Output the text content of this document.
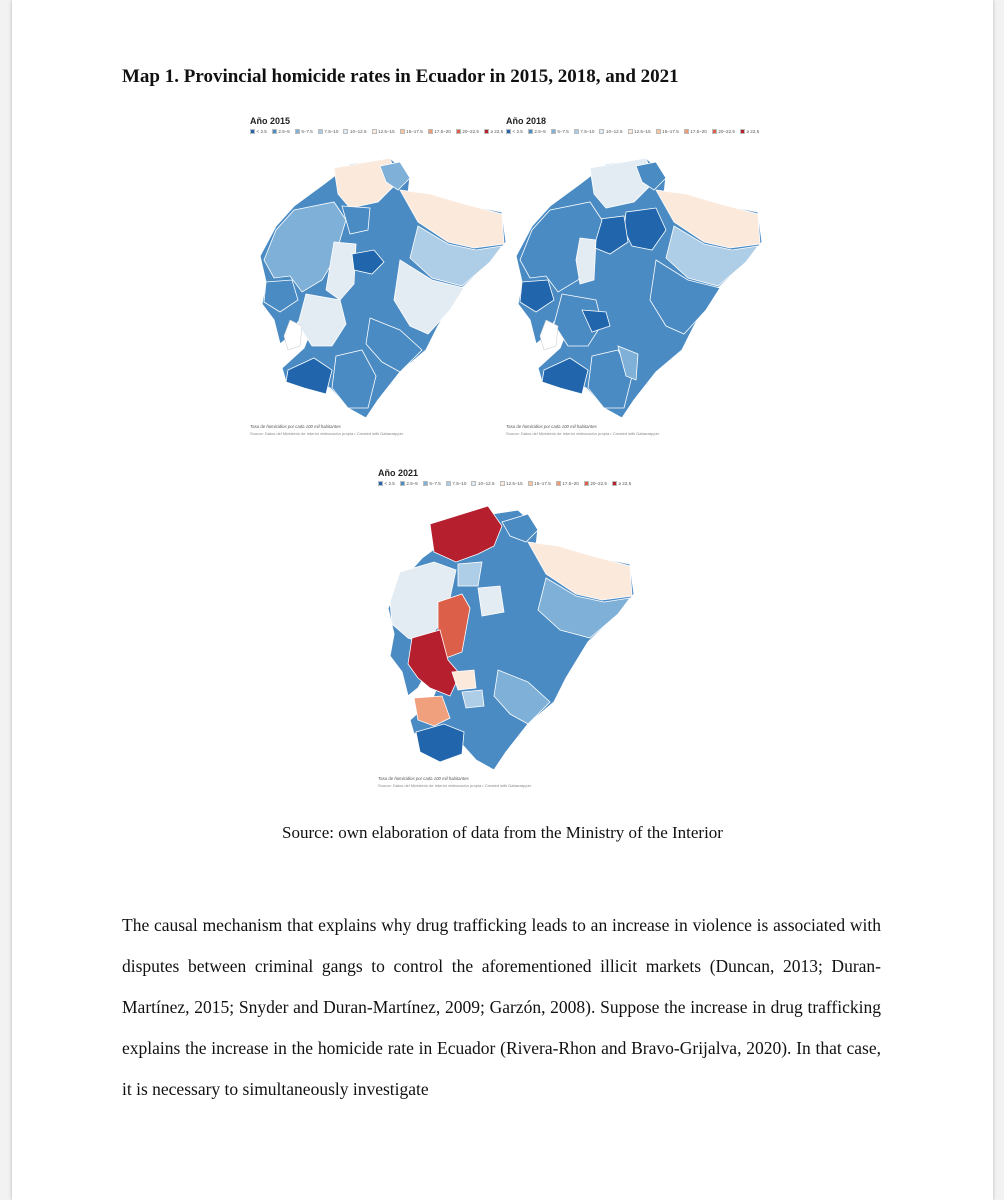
Map 1. Provincial homicide rates in Ecuador in 2015, 2018, and 2021
Año 2015
< 2.5	2.5–5	5–7.5	7.5–10	10–12.5	12.5–15	15–17.5	17.5–20	20–22.5	≥ 22.5
Tasa de homicidios por cada 100 mil habitantes
Source: Datos del Ministerio de Interior elaboración propia • Created with Datawrapper
Año 2018
< 2.5	2.5–5	5–7.5	7.5–10	10–12.5	12.5–15	15–17.5	17.5–20	20–22.5	≥ 22.5
Tasa de homicidios por cada 100 mil habitantes
Source: Datos del Ministerio de Interior elaboración propia • Created with Datawrapper
Año 2021
< 2.5	2.5–5	5–7.5	7.5–10	10–12.5	12.5–15	15–17.5	17.5–20	20–22.5	≥ 22.5
Tasa de homicidios por cada 100 mil habitantes
Source: Datos del Ministerio de Interior elaboración propia • Created with Datawrapper
Source: own elaboration of data from the Ministry of the Interior

The causal mechanism that explains why drug trafficking leads to an increase in violence is associated with disputes between criminal gangs to control the aforementioned illicit markets (Duncan, 2013; Duran-Martínez, 2015; Snyder and Duran-Martínez, 2009; Garzón, 2008). Suppose the increase in drug trafficking explains the increase in the homicide rate in Ecuador (Rivera-Rhon and Bravo-Grijalva, 2020). In that case, it is necessary to simultaneously investigate
